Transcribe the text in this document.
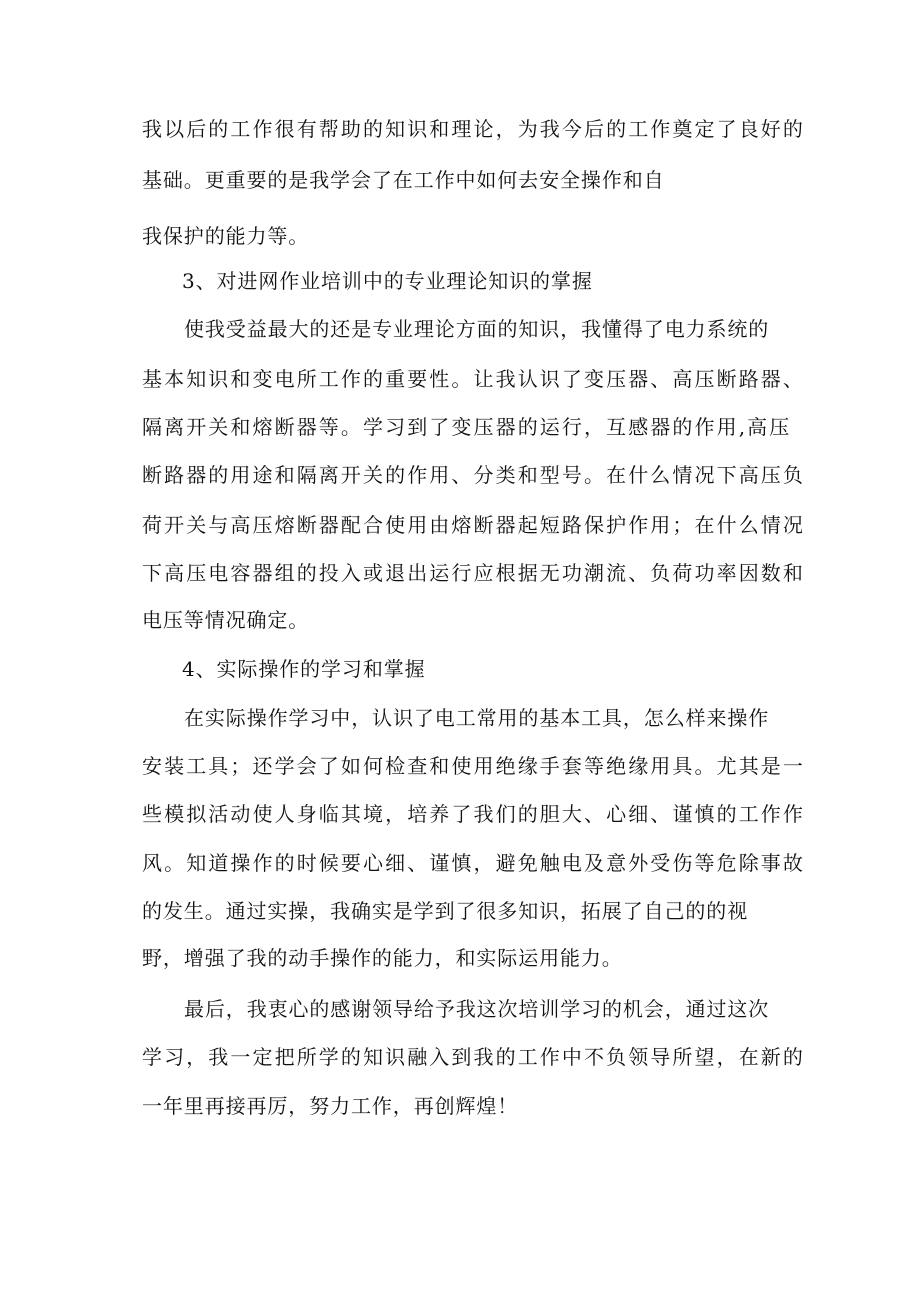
我以后的工作很有帮助的知识和理论，为我今后的工作奠定了良好的

基础。更重要的是我学会了在工作中如何去安全操作和自

我保护的能力等。

3、对进网作业培训中的专业理论知识的掌握

使我受益最大的还是专业理论方面的知识，我懂得了电力系统的

基本知识和变电所工作的重要性。让我认识了变压器、高压断路器、

隔离开关和熔断器等。学习到了变压器的运行，互感器的作用,高压

断路器的用途和隔离开关的作用、分类和型号。在什么情况下高压负

荷开关与高压熔断器配合使用由熔断器起短路保护作用；在什么情况

下高压电容器组的投入或退出运行应根据无功潮流、负荷功率因数和

电压等情况确定。

4、实际操作的学习和掌握

在实际操作学习中，认识了电工常用的基本工具，怎么样来操作

安装工具；还学会了如何检查和使用绝缘手套等绝缘用具。尤其是一

些模拟活动使人身临其境，培养了我们的胆大、心细、谨慎的工作作

风。知道操作的时候要心细、谨慎，避免触电及意外受伤等危除事故

的发生。通过实操，我确实是学到了很多知识，拓展了自己的的视

野，增强了我的动手操作的能力，和实际运用能力。

最后，我衷心的感谢领导给予我这次培训学习的机会，通过这次

学习，我一定把所学的知识融入到我的工作中不负领导所望，在新的

一年里再接再厉，努力工作，再创辉煌！
